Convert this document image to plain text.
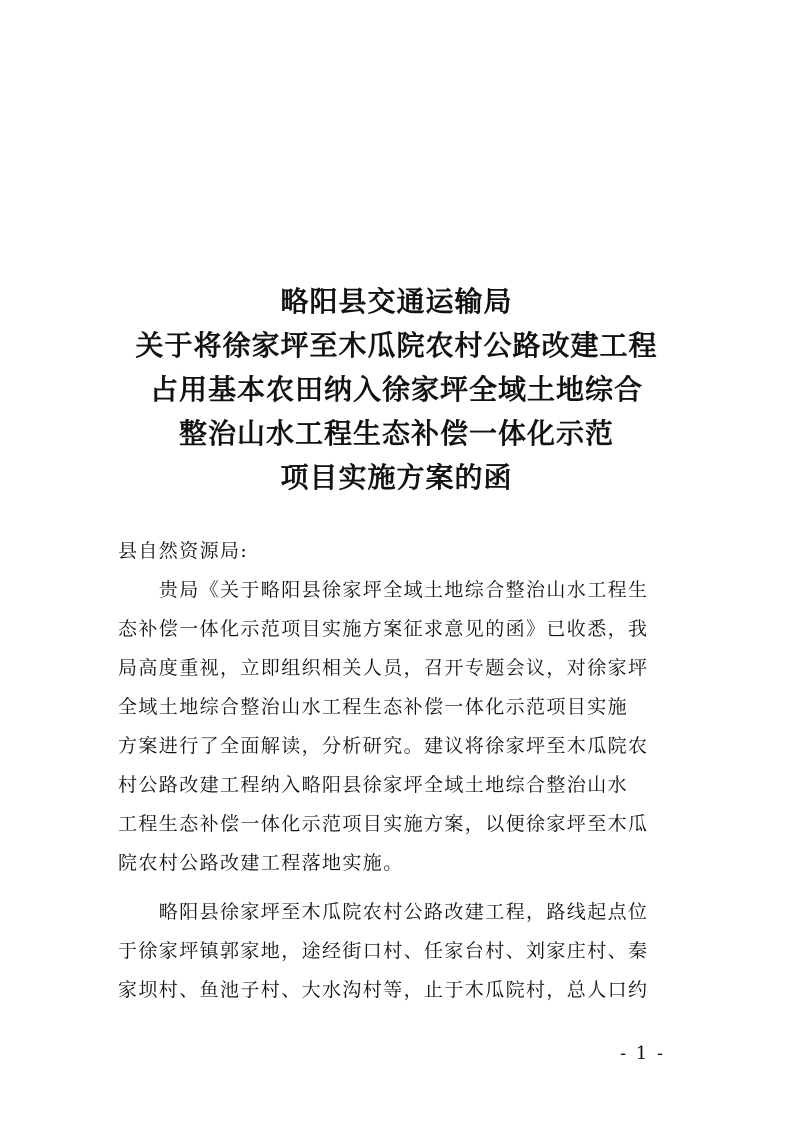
略阳县交通运输局
关于将徐家坪至木瓜院农村公路改建工程
占用基本农田纳入徐家坪全域土地综合
整治山水工程生态补偿一体化示范
项目实施方案的函
县自然资源局:
　　贵局《关于略阳县徐家坪全域土地综合整治山水工程生
态补偿一体化示范项目实施方案征求意见的函》已收悉，我
局高度重视，立即组织相关人员，召开专题会议，对徐家坪
全域土地综合整治山水工程生态补偿一体化示范项目实施
方案进行了全面解读，分析研究。建议将徐家坪至木瓜院农
村公路改建工程纳入略阳县徐家坪全域土地综合整治山水
工程生态补偿一体化示范项目实施方案，以便徐家坪至木瓜
院农村公路改建工程落地实施。
　　略阳县徐家坪至木瓜院农村公路改建工程，路线起点位
于徐家坪镇郭家地，途经街口村、任家台村、刘家庄村、秦
家坝村、鱼池子村、大水沟村等，止于木瓜院村，总人口约
- 1 -
